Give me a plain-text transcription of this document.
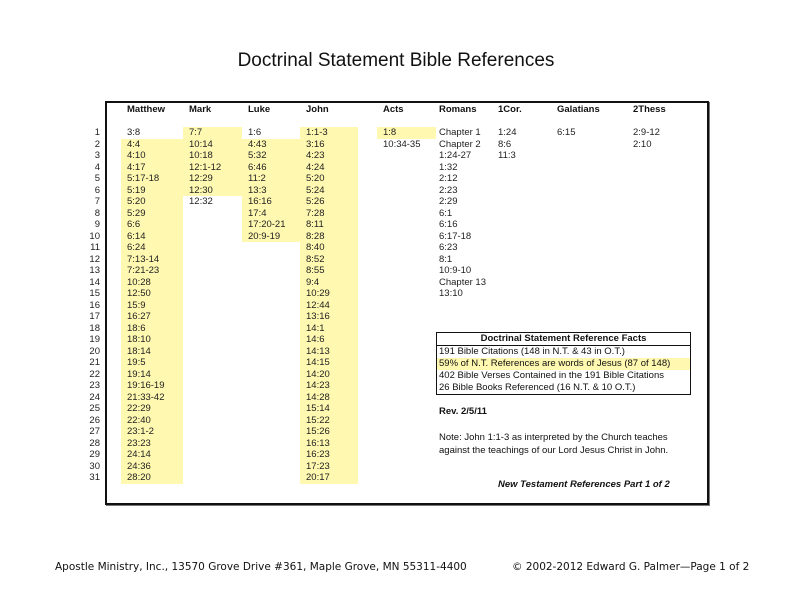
Doctrinal Statement Bible References
1
2
3
4
5
6
7
8
9
10
11
12
13
14
15
16
17
18
19
20
21
22
23
24
25
26
27
28
29
30
31
Matthew
3:8
4:4
4:10
4:17
5:17-18
5:19
5:20
5:29
6:6
6:14
6:24
7:13-14
7:21-23
10:28
12:50
15:9
16:27
18:6
18:10
18:14
19:5
19:14
19:16-19
21:33-42
22:29
22:40
23:1-2
23:23
24:14
24:36
28:20
Mark
7:7
10:14
10:18
12:1-12
12:29
12:30
12:32
Luke
1:6
4:43
5:32
6:46
11:2
13:3
16:16
17:4
17:20-21
20:9-19
John
1:1-3
3:16
4:23
4:24
5:20
5:24
5:26
7:28
8:11
8:28
8:40
8:52
8:55
9:4
10:29
12:44
13:16
14:1
14:6
14:13
14:15
14:20
14:23
14:28
15:14
15:22
15:26
16:13
16:23
17:23
20:17
Acts
1:8
10:34-35
Romans
Chapter 1
Chapter 2
1:24-27
1:32
2:12
2:23
2:29
6:1
6:16
6:17-18
6:23
8:1
10:9-10
Chapter 13
13:10
1Cor.
1:24
8:6
11:3
Galatians
6:15
2Thess
2:9-12
2:10
Doctrinal Statement Reference Facts
191 Bible Citations (148 in N.T. & 43 in O.T.)
59% of N.T. References are words of Jesus (87 of 148)
402 Bible Verses Contained in the 191 Bible Citations
26 Bible Books Referenced (16 N.T. & 10 O.T.)
Rev. 2/5/11
Note: John 1:1-3 as interpreted by the Church teaches against the teachings of our Lord Jesus Christ in John.
New Testament References Part 1 of 2
Apostle Ministry, Inc., 13570 Grove Drive #361, Maple Grove, MN 55311-4400	© 2002-2012 Edward G. Palmer—Page 1 of 2
